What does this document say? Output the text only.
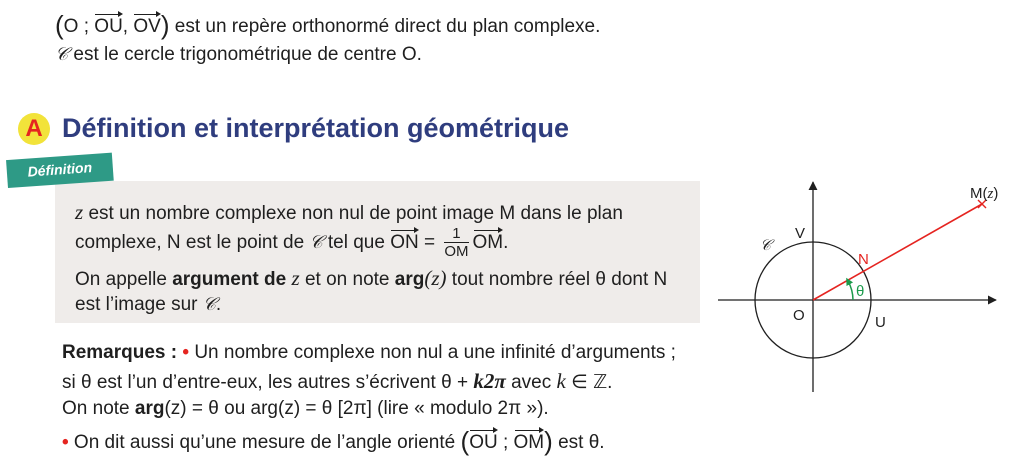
(O ; OU, OV) est un repère orthonormé direct du plan complexe.
𝒞 est le cercle trigonométrique de centre O.
A Définition et interprétation géométrique
Définition
z est un nombre complexe non nul de point image M dans le plan
complexe, N est le point de 𝒞 tel que ON = $\frac{1}{OM}$ OM.
On appelle argument de z et on note arg(z) tout nombre réel θ dont N
est l’image sur 𝒞.
Remarques : • Un nombre complexe non nul a une infinité d’arguments ;
si θ est l’un d’entre-eux, les autres s’écrivent θ + k2π avec k ∈ ℤ.
On note arg(z) = θ ou arg(z) = θ [2π] (lire « modulo 2π »).
• On dit aussi qu’une mesure de l’angle orienté (OU ; OM) est θ.
M(z)
N
V
𝒞
O	U
θ
